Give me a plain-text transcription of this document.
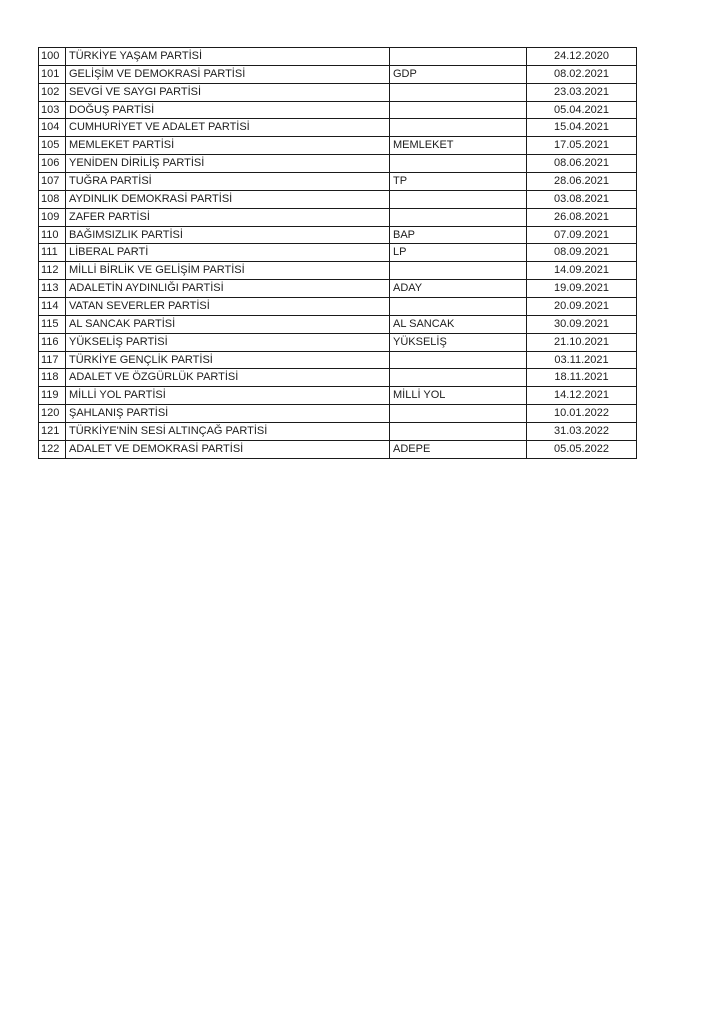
100	TÜRKİYE YAŞAM PARTİSİ		24.12.2020
101	GELİŞİM VE DEMOKRASİ PARTİSİ	GDP	08.02.2021
102	SEVGİ VE SAYGI PARTİSİ		23.03.2021
103	DOĞUŞ PARTİSİ		05.04.2021
104	CUMHURİYET VE ADALET PARTİSİ		15.04.2021
105	MEMLEKET PARTİSİ	MEMLEKET	17.05.2021
106	YENİDEN DİRİLİŞ PARTİSİ		08.06.2021
107	TUĞRA PARTİSİ	TP	28.06.2021
108	AYDINLIK DEMOKRASİ PARTİSİ		03.08.2021
109	ZAFER PARTİSİ		26.08.2021
110	BAĞIMSIZLIK PARTİSİ	BAP	07.09.2021
111	LİBERAL PARTİ	LP	08.09.2021
112	MİLLİ BİRLİK VE GELİŞİM PARTİSİ		14.09.2021
113	ADALETİN AYDINLIĞI PARTİSİ	ADAY	19.09.2021
114	VATAN SEVERLER PARTİSİ		20.09.2021
115	AL SANCAK PARTİSİ	AL SANCAK	30.09.2021
116	YÜKSELİŞ PARTİSİ	YÜKSELİŞ	21.10.2021
117	TÜRKİYE GENÇLİK PARTİSİ		03.11.2021
118	ADALET VE ÖZGÜRLÜK PARTİSİ		18.11.2021
119	MİLLİ YOL PARTİSİ	MİLLİ YOL	14.12.2021
120	ŞAHLANIŞ PARTİSİ		10.01.2022
121	TÜRKİYE'NİN SESİ ALTINÇAĞ PARTİSİ		31.03.2022
122	ADALET VE DEMOKRASİ PARTİSİ	ADEPE	05.05.2022
